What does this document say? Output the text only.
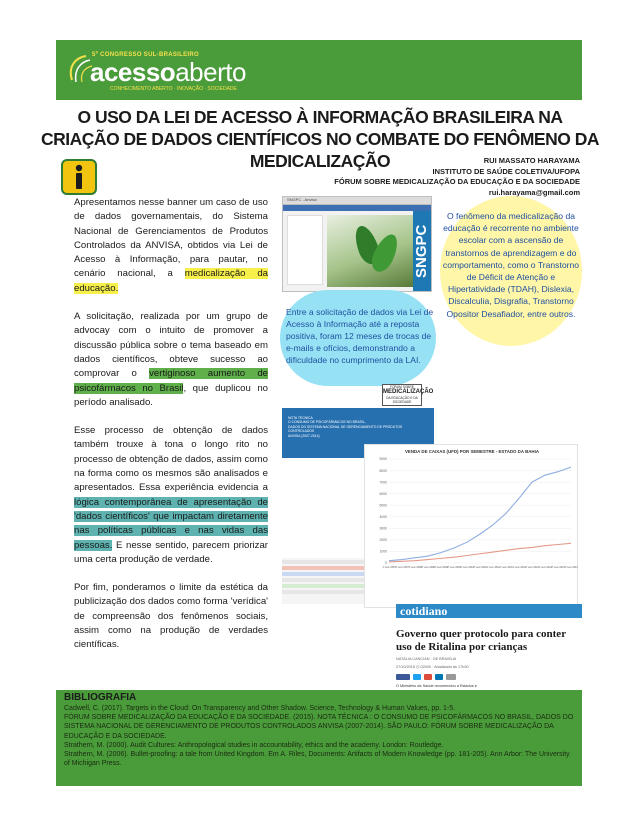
5º CONGRESSO SUL-BRASILEIRO
acessoaberto
CONHECIMENTO ABERTO · INOVAÇÃO · SOCIEDADE
O USO DA LEI DE ACESSO À INFORMAÇÃO BRASILEIRA NA CRIAÇÃO DE DADOS CIENTÍFICOS NO COMBATE DO FENÔMENO DA MEDICALIZAÇÃO	RUI MASSATO HARAYAMA
INSTITUTO DE SAÚDE COLETIVA/UFOPA
FÓRUM SOBRE MEDICALIZAÇÃO DA EDUCAÇÃO E DA SOCIEDADE
rui.harayama@gmail.com

Apresentamos nesse banner um caso de uso de dados governamentais, do Sistema Nacional de Gerenciamentos de Produtos Controlados da ANVISA, obtidos via Lei de Acesso à Informação, para pautar, no cenário nacional, a medicalização da educação.

A solicitação, realizada por um grupo de advocay com o intuito de promover a discussão pública sobre o tema baseado em dados científicos, obteve sucesso ao comprovar o vertiginoso aumento de psicofármacos no Brasil, que duplicou no período analisado.

Esse processo de obtenção de dados também trouxe à tona o longo rito no processo de obtenção de dados, assim como na forma como os mesmos são analisados e apresentados. Essa experiência evidencia a lógica contemporânea de apresentação de 'dados científicos' que impactam diretamente nas políticas públicas e nas vidas das pessoas. E nesse sentido, parecem priorizar uma certa produção de verdade.

Por fim, ponderamos o limite da estética da publicização dos dados como forma 'verídica' de compreensão dos fenômenos sociais, assim como na produção de verdades científicas.

SNGPC - Anvisa
SNGPC
O fenômeno da medicalização da educação é recorrente no ambiente escolar com a ascensão de transtornos de aprendizagem e do comportamento, como o Transtorno de Déficit de Atenção e Hipertatividade (TDAH), Dislexia, Discalculia, Disgrafia, Transtorno Opositor Desafiador, entre outros.
Entre a solicitação de dados via Lei de Acesso à Informação até a reposta positiva, foram 12 meses de trocas de e-mails e ofícios, demonstrando a dificuldade no cumprimento da LAI.
FÓRUM SOBRE
MEDICALIZAÇÃO
DA EDUCAÇÃO E DA SOCIEDADE
NOTA TÉCNICA
O CONSUMO DE PSICOFÁRMACOS NO BRASIL,
DADOS DO SISTEMA NACIONAL DE GERENCIAMENTO DE PRODUTOS CONTROLADOS
ANVISA (2007-2014)
0
1000
2000
3000
4000
5000
6000
7000
8000
9000
1º sem 2007 2º sem 2007 1º sem 2008 2º sem 2008 1º sem 2009 2º sem 2009 1º sem 2010 2º sem 2010 1º sem 2011 2º sem 2011 1º sem 2012 2º sem 2012 1º sem 2013 2º sem 2013 1º sem 2014
VENDA DE CAIXAS (UFD) POR SEMESTRE - ESTADO DA BAHIA
cotidiano
Governo quer protocolo para conter uso de Ritalina por crianças
NATÁLIA CANCIAN · DE BRASÍLIA
27/10/2015 ◷ 02h00 · Atualizado às 17h30
O Ministério da Saúde recomendou a Estados e
BIBLIOGRAFIA
Cadwell, C. (2017). Targets in the Cloud: On Transparency and Other Shadow. Science, Technology & Human Values, pp. 1-5.
FÓRUM SOBRE MEDICALIZAÇÃO DA EDUCAÇÃO E DA SOCIEDADE. (2015). NOTA TÉCNICA : O CONSUMO DE PSICOFÁRMACOS NO BRASIL, DADOS DO SISTEMA NACIONAL DE GERENCIAMENTO DE PRODUTOS CONTROLADOS ANVISA (2007-2014). SÃO PAULO: FÓRUM SOBRE MEDICALIZAÇÃO DA EDUCAÇÃO E DA SOCIEDADE.
Strathern, M. (2000). Audit Cultures: Anthropological studies in accountability, ethics and the academy. London: Routledge.
Strathern, M. (2006). Bullet-proofing: a tale from United Kingdom. Em A. Riles, Documents: Artifacts of Modern Knowledge (pp. 181-205). Ann Arbor: The University of Michigan Press.
